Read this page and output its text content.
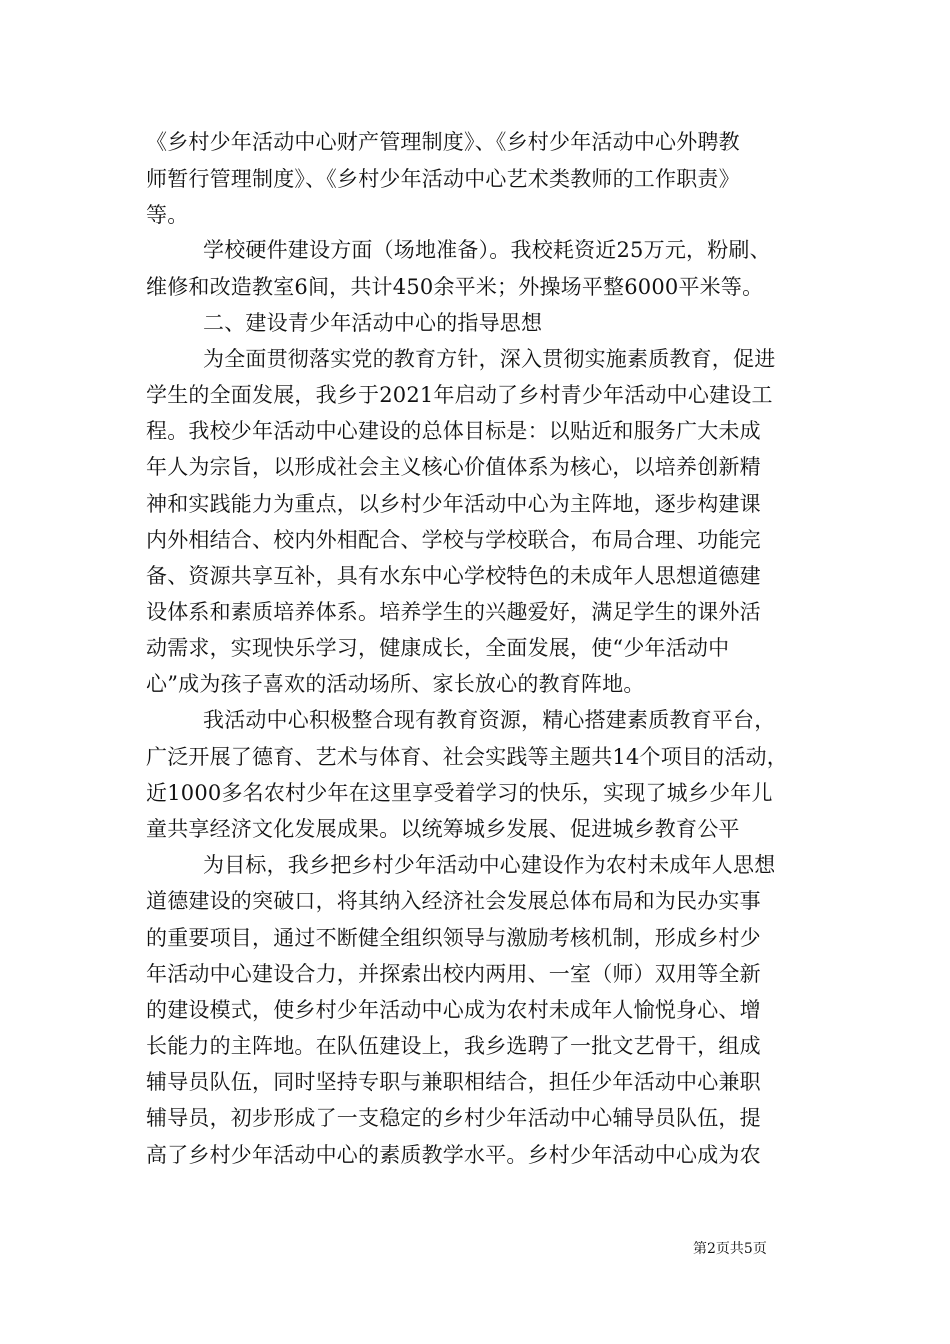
《乡村少年活动中心财产管理制度》、《乡村少年活动中心外聘教
师暂行管理制度》、《乡村少年活动中心艺术类教师的工作职责》
等。
学校硬件建设方面（场地准备）。我校耗资近25万元，粉刷、
维修和改造教室6间，共计450余平米；外操场平整6000平米等。
二、建设青少年活动中心的指导思想
为全面贯彻落实党的教育方针，深入贯彻实施素质教育，促进
学生的全面发展，我乡于2021年启动了乡村青少年活动中心建设工
程。我校少年活动中心建设的总体目标是：以贴近和服务广大未成
年人为宗旨，以形成社会主义核心价值体系为核心，以培养创新精
神和实践能力为重点，以乡村少年活动中心为主阵地，逐步构建课
内外相结合、校内外相配合、学校与学校联合，布局合理、功能完
备、资源共享互补，具有水东中心学校特色的未成年人思想道德建
设体系和素质培养体系。培养学生的兴趣爱好，满足学生的课外活
动需求，实现快乐学习，健康成长，全面发展，使“少年活动中
心”成为孩子喜欢的活动场所、家长放心的教育阵地。
我活动中心积极整合现有教育资源，精心搭建素质教育平台，
广泛开展了德育、艺术与体育、社会实践等主题共14个项目的活动，
近1000多名农村少年在这里享受着学习的快乐，实现了城乡少年儿
童共享经济文化发展成果。以统筹城乡发展、促进城乡教育公平
为目标，我乡把乡村少年活动中心建设作为农村未成年人思想
道德建设的突破口，将其纳入经济社会发展总体布局和为民办实事
的重要项目，通过不断健全组织领导与激励考核机制，形成乡村少
年活动中心建设合力，并探索出校内两用、一室（师）双用等全新
的建设模式，使乡村少年活动中心成为农村未成年人愉悦身心、增
长能力的主阵地。在队伍建设上，我乡选聘了一批文艺骨干，组成
辅导员队伍，同时坚持专职与兼职相结合，担任少年活动中心兼职
辅导员，初步形成了一支稳定的乡村少年活动中心辅导员队伍，提
高了乡村少年活动中心的素质教学水平。乡村少年活动中心成为农
第2页共5页
